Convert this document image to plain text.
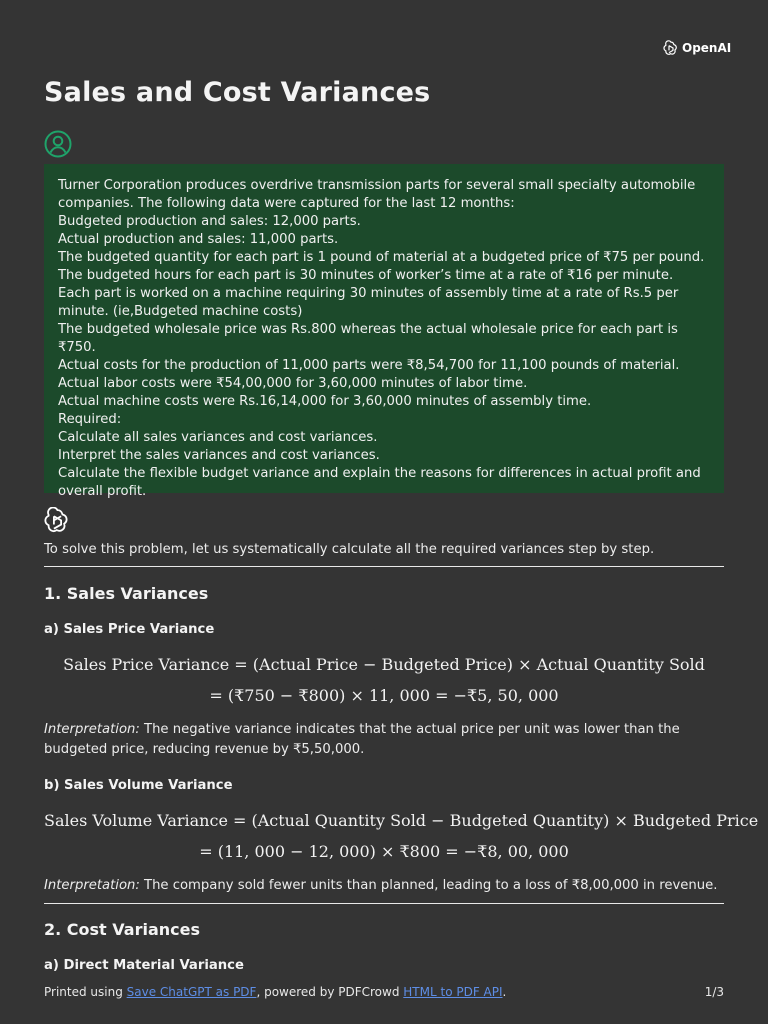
OpenAI
Sales and Cost Variances
Turner Corporation produces overdrive transmission parts for several small specialty automobile companies. The following data were captured for the last 12 months:
Budgeted production and sales: 12,000 parts.
Actual production and sales: 11,000 parts.
The budgeted quantity for each part is 1 pound of material at a budgeted price of ₹75 per pound.
The budgeted hours for each part is 30 minutes of worker’s time at a rate of ₹16 per minute.
Each part is worked on a machine requiring 30 minutes of assembly time at a rate of Rs.5 per minute. (ie,Budgeted machine costs)
The budgeted wholesale price was Rs.800 whereas the actual wholesale price for each part is ₹750.
Actual costs for the production of 11,000 parts were ₹8,54,700 for 11,100 pounds of material.
Actual labor costs were ₹54,00,000 for 3,60,000 minutes of labor time.
Actual machine costs were Rs.16,14,000 for 3,60,000 minutes of assembly time.
Required:
Calculate all sales variances and cost variances.
Interpret the sales variances and cost variances.
Calculate the flexible budget variance and explain the reasons for differences in actual profit and overall profit.
To solve this problem, let us systematically calculate all the required variances step by step.
1. Sales Variances
a) Sales Price Variance
Sales Price Variance = (Actual Price − Budgeted Price) × Actual Quantity Sold
= (₹750 − ₹800) × 11, 000 = −₹5, 50, 000
Interpretation: The negative variance indicates that the actual price per unit was lower than the budgeted price, reducing revenue by ₹5,50,000.
b) Sales Volume Variance
Sales Volume Variance = (Actual Quantity Sold − Budgeted Quantity) × Budgeted Price
= (11, 000 − 12, 000) × ₹800 = −₹8, 00, 000
Interpretation: The company sold fewer units than planned, leading to a loss of ₹8,00,000 in revenue.
2. Cost Variances
a) Direct Material Variance
Printed using Save ChatGPT as PDF, powered by PDFCrowd HTML to PDF API.	1/3
